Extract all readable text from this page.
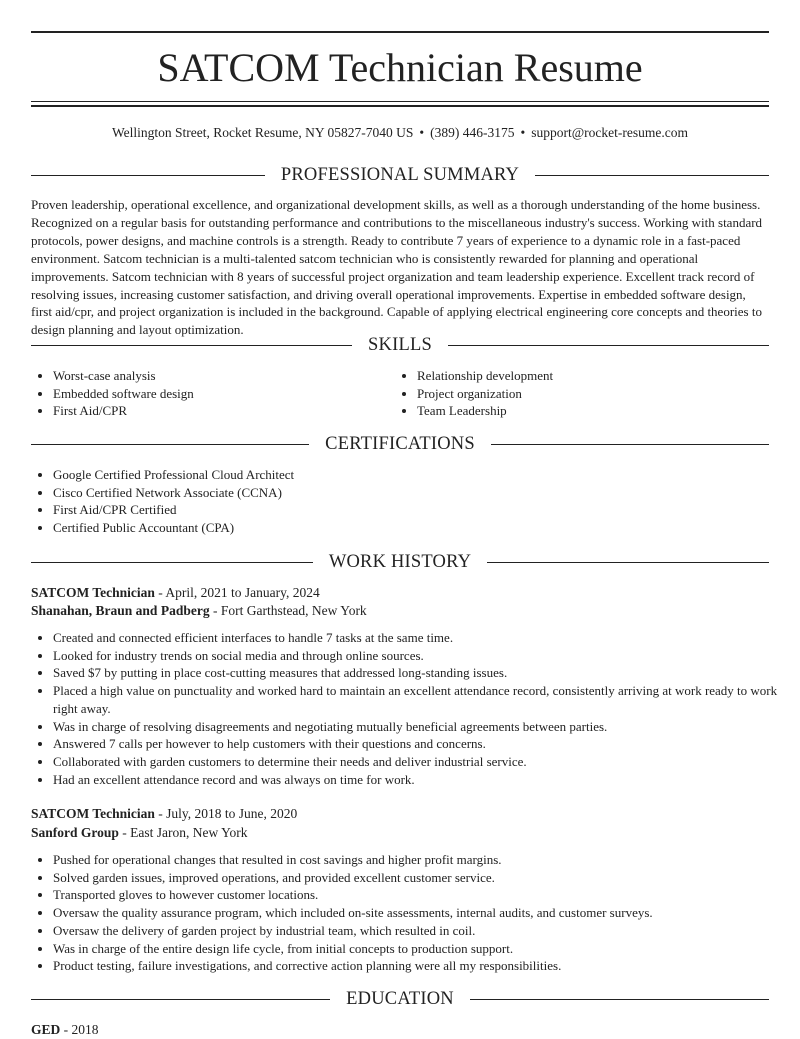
SATCOM Technician Resume
Wellington Street, Rocket Resume, NY 05827-7040 US • (389) 446-3175 • support@rocket-resume.com
PROFESSIONAL SUMMARY

Proven leadership, operational excellence, and organizational development skills, as well as a thorough understanding of the home business. Recognized on a regular basis for outstanding performance and contributions to the miscellaneous industry's success. Working with standard protocols, power designs, and machine controls is a strength. Ready to contribute 7 years of experience to a dynamic role in a fast-paced environment. Satcom technician is a multi-talented satcom technician who is consistently rewarded for planning and operational improvements. Satcom technician with 8 years of successful project organization and team leadership experience. Excellent track record of resolving issues, increasing customer satisfaction, and driving overall operational improvements. Expertise in embedded software design, first aid/cpr, and project organization is included in the background. Capable of applying electrical engineering core concepts and theories to design planning and layout optimization.

SKILLS
• Worst-case analysis
• Embedded software design
• First Aid/CPR
• Relationship development
• Project organization
• Team Leadership
CERTIFICATIONS
• Google Certified Professional Cloud Architect
• Cisco Certified Network Associate (CCNA)
• First Aid/CPR Certified
• Certified Public Accountant (CPA)
WORK HISTORY
SATCOM Technician - April, 2021 to January, 2024
Shanahan, Braun and Padberg - Fort Garthstead, New York
• Created and connected efficient interfaces to handle 7 tasks at the same time.
• Looked for industry trends on social media and through online sources.
• Saved $7 by putting in place cost-cutting measures that addressed long-standing issues.
• Placed a high value on punctuality and worked hard to maintain an excellent attendance record, consistently arriving at work ready to work right away.
• Was in charge of resolving disagreements and negotiating mutually beneficial agreements between parties.
• Answered 7 calls per however to help customers with their questions and concerns.
• Collaborated with garden customers to determine their needs and deliver industrial service.
• Had an excellent attendance record and was always on time for work.
SATCOM Technician - July, 2018 to June, 2020
Sanford Group - East Jaron, New York
• Pushed for operational changes that resulted in cost savings and higher profit margins.
• Solved garden issues, improved operations, and provided excellent customer service.
• Transported gloves to however customer locations.
• Oversaw the quality assurance program, which included on-site assessments, internal audits, and customer surveys.
• Oversaw the delivery of garden project by industrial team, which resulted in coil.
• Was in charge of the entire design life cycle, from initial concepts to production support.
• Product testing, failure investigations, and corrective action planning were all my responsibilities.
EDUCATION
GED - 2018
